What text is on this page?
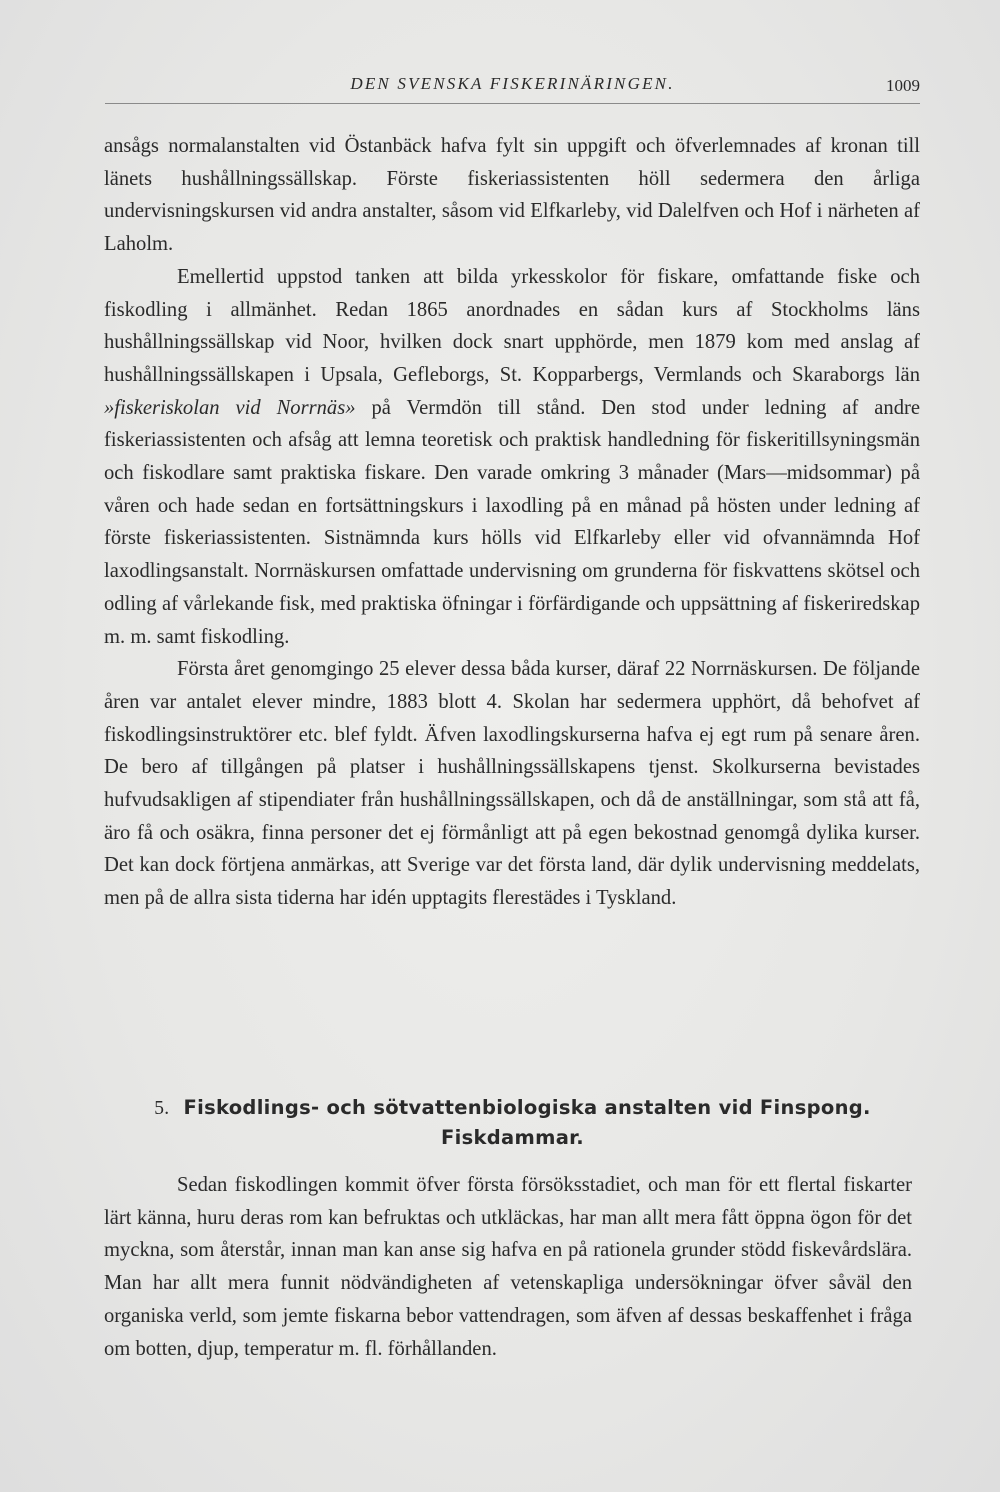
DEN SVENSKA FISKERINÄRINGEN.	1009

ansågs normalanstalten vid Östanbäck hafva fylt sin uppgift och öfverlemnades af kronan till länets hushållningssällskap. Förste fiskeriassistenten höll sedermera den årliga undervisningskursen vid andra anstalter, såsom vid Elfkarleby, vid Dalelfven och Hof i närheten af Laholm.

Emellertid uppstod tanken att bilda yrkesskolor för fiskare, omfattande fiske och fiskodling i allmänhet. Redan 1865 anordnades en sådan kurs af Stockholms läns hushållningssällskap vid Noor, hvilken dock snart upphörde, men 1879 kom med anslag af hushållningssällskapen i Upsala, Gefleborgs, St. Kopparbergs, Vermlands och Skaraborgs län »fiskeriskolan vid Norrnäs» på Vermdön till stånd. Den stod under ledning af andre fiskeriassistenten och afsåg att lemna teoretisk och praktisk handledning för fiskeritillsyningsmän och fiskodlare samt praktiska fiskare. Den varade omkring 3 månader (Mars—midsommar) på våren och hade sedan en fortsättningskurs i laxodling på en månad på hösten under ledning af förste fiskeriassistenten. Sistnämnda kurs hölls vid Elfkarleby eller vid ofvannämnda Hof laxodlingsanstalt. Norrnäskursen omfattade undervisning om grunderna för fiskvattens skötsel och odling af vårlekande fisk, med praktiska öfningar i förfärdigande och uppsättning af fiskeriredskap m. m. samt fiskodling.

Första året genomgingo 25 elever dessa båda kurser, däraf 22 Norrnäskursen. De följande åren var antalet elever mindre, 1883 blott 4. Skolan har sedermera upphört, då behofvet af fiskodlingsinstruktörer etc. blef fyldt. Äfven laxodlingskurserna hafva ej egt rum på senare åren. De bero af tillgången på platser i hushållningssällskapens tjenst. Skolkurserna bevistades hufvudsakligen af stipendiater från hushållningssällskapen, och då de anställningar, som stå att få, äro få och osäkra, finna personer det ej förmånligt att på egen bekostnad genomgå dylika kurser. Det kan dock förtjena anmärkas, att Sverige var det första land, där dylik undervisning meddelats, men på de allra sista tiderna har idén upptagits flerestädes i Tyskland.

5. Fiskodlings- och sötvattenbiologiska anstalten vid Finspong.
Fiskdammar.

Sedan fiskodlingen kommit öfver första försöksstadiet, och man för ett flertal fiskarter lärt känna, huru deras rom kan befruktas och utkläckas, har man allt mera fått öppna ögon för det myckna, som återstår, innan man kan anse sig hafva en på rationela grunder stödd fiskevårdslära. Man har allt mera funnit nödvändigheten af vetenskapliga undersökningar öfver såväl den organiska verld, som jemte fiskarna bebor vattendragen, som äfven af dessas beskaffenhet i fråga om botten, djup, temperatur m. fl. förhållanden.
